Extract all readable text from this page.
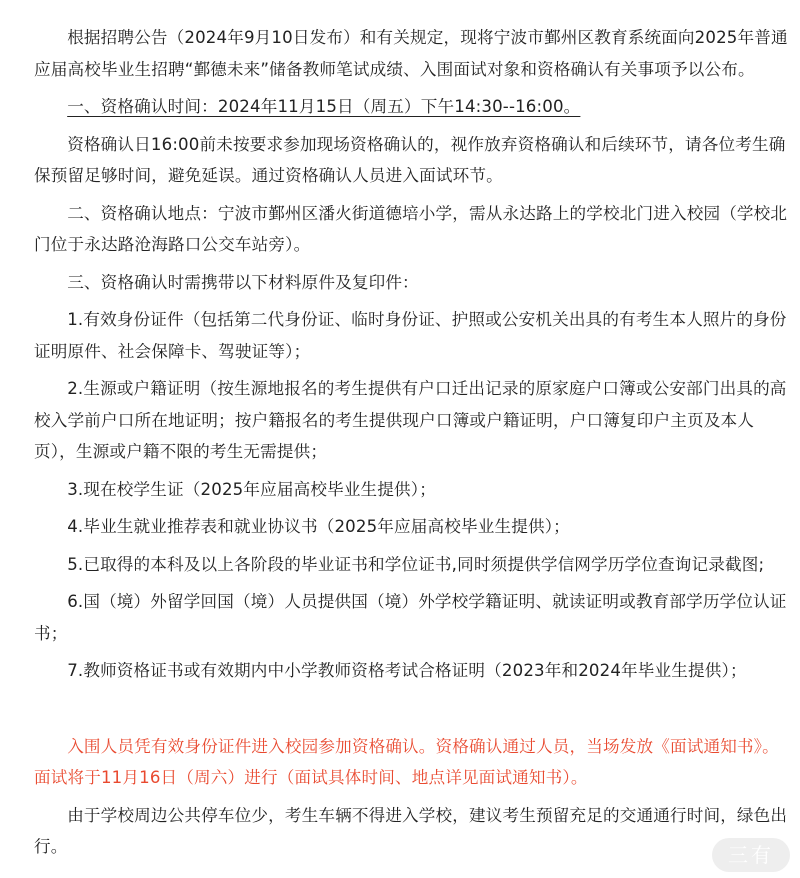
根据招聘公告（2024年9月10日发布）和有关规定，现将宁波市鄞州区教育系统面向2025年普通应届高校毕业生招聘“鄞德未来”储备教师笔试成绩、入围面试对象和资格确认有关事项予以公布。

一、资格确认时间：2024年11月15日（周五）下午14:30--16:00。

资格确认日16:00前未按要求参加现场资格确认的，视作放弃资格确认和后续环节，请各位考生确保预留足够时间，避免延误。通过资格确认人员进入面试环节。

二、资格确认地点：宁波市鄞州区潘火街道德培小学，需从永达路上的学校北门进入校园（学校北门位于永达路沧海路口公交车站旁）。

三、资格确认时需携带以下材料原件及复印件：

1.有效身份证件（包括第二代身份证、临时身份证、护照或公安机关出具的有考生本人照片的身份证明原件、社会保障卡、驾驶证等）；

2.生源或户籍证明（按生源地报名的考生提供有户口迁出记录的原家庭户口簿或公安部门出具的高校入学前户口所在地证明；按户籍报名的考生提供现户口簿或户籍证明，户口簿复印户主页及本人页），生源或户籍不限的考生无需提供；

3.现在校学生证（2025年应届高校毕业生提供）；

4.毕业生就业推荐表和就业协议书（2025年应届高校毕业生提供）；

5.已取得的本科及以上各阶段的毕业证书和学位证书,同时须提供学信网学历学位查询记录截图;

6.国（境）外留学回国（境）人员提供国（境）外学校学籍证明、就读证明或教育部学历学位认证书；

7.教师资格证书或有效期内中小学教师资格考试合格证明（2023年和2024年毕业生提供）；

入围人员凭有效身份证件进入校园参加资格确认。资格确认通过人员，当场发放《面试通知书》。面试将于11月16日（周六）进行（面试具体时间、地点详见面试通知书）。

由于学校周边公共停车位少，考生车辆不得进入学校，建议考生预留充足的交通通行时间，绿色出行。	三有
